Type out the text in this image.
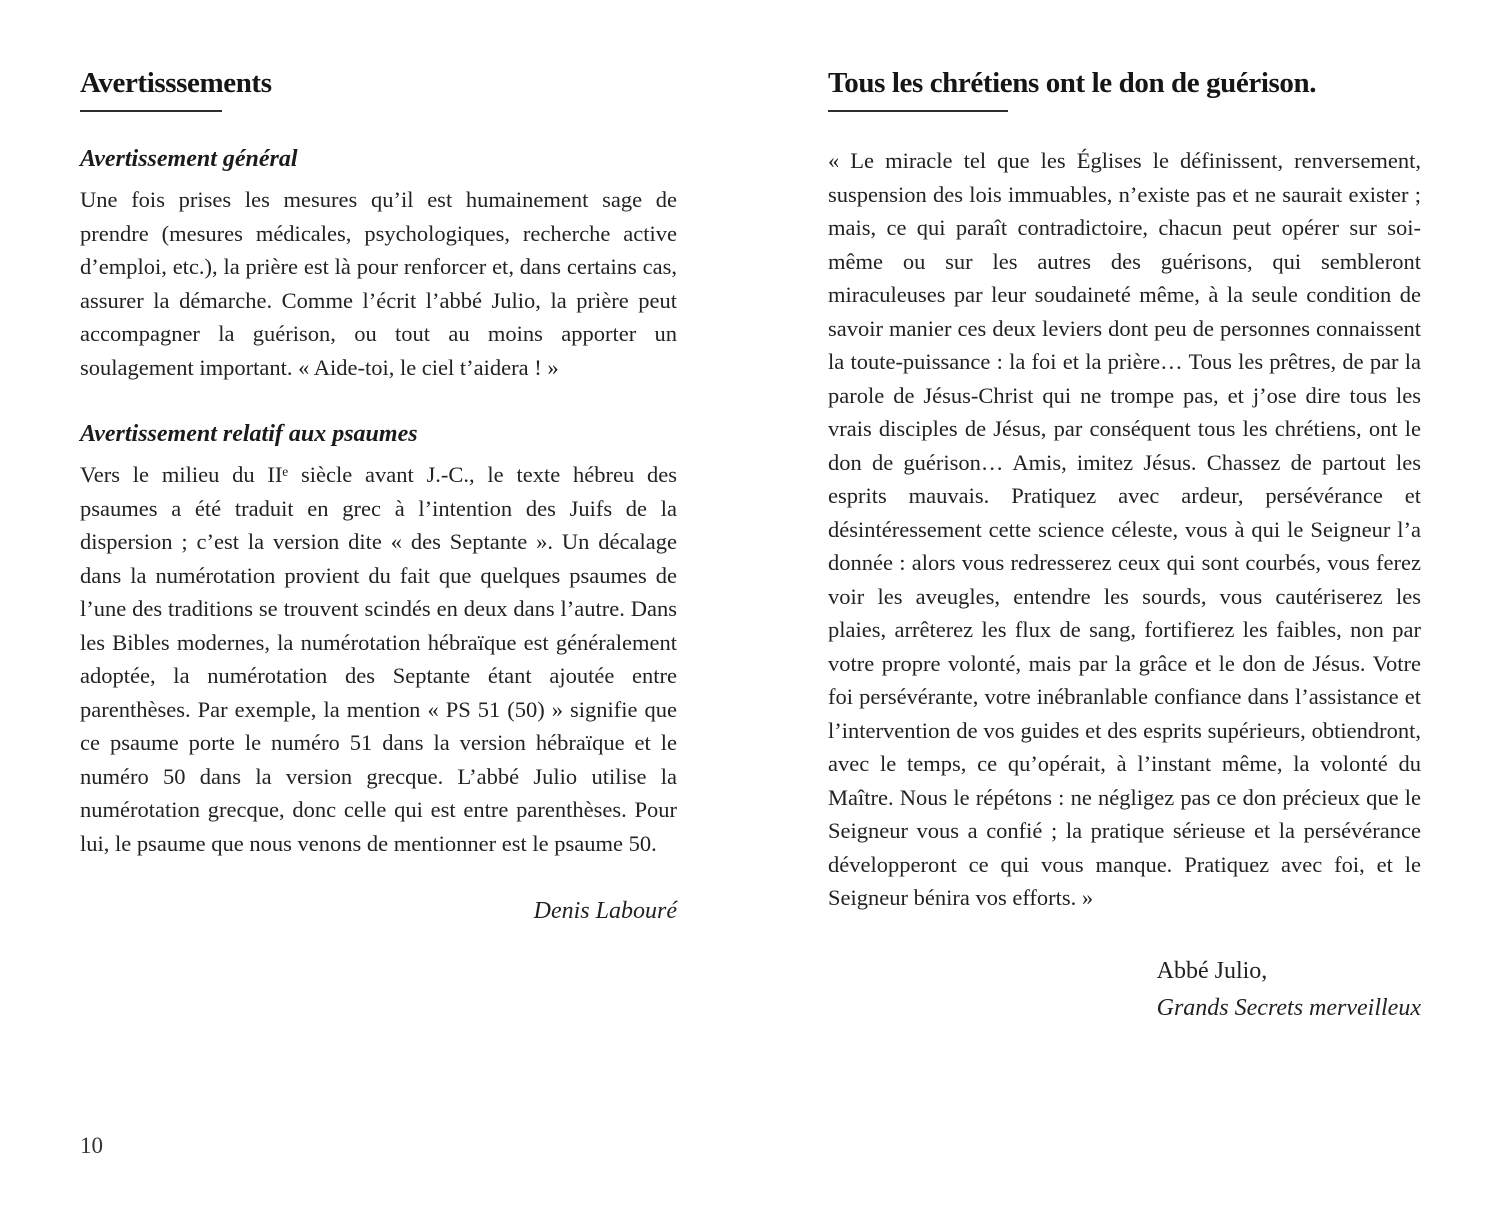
Avertisssements
Avertissement général

Une fois prises les mesures qu’il est humainement sage de prendre (mesures médicales, psychologiques, recherche active d’emploi, etc.), la prière est là pour renforcer et, dans certains cas, assurer la démarche. Comme l’écrit l’abbé Julio, la prière peut accompagner la guérison, ou tout au moins apporter un soulagement important. « Aide-toi, le ciel t’aidera ! »

Avertissement relatif aux psaumes

Vers le milieu du IIᵉ siècle avant J.-C., le texte hébreu des psaumes a été traduit en grec à l’intention des Juifs de la dispersion ; c’est la version dite « des Septante ». Un décalage dans la numérotation provient du fait que quelques psaumes de l’une des traditions se trouvent scindés en deux dans l’autre. Dans les Bibles modernes, la numérotation hébraïque est généralement adoptée, la numérotation des Septante étant ajoutée entre parenthèses. Par exemple, la mention « PS 51 (50) » signifie que ce psaume porte le numéro 51 dans la version hébraïque et le numéro 50 dans la version grecque. L’abbé Julio utilise la numérotation grecque, donc celle qui est entre parenthèses. Pour lui, le psaume que nous venons de mentionner est le psaume 50.

Denis Labouré
Tous les chrétiens ont le don de guérison.

« Le miracle tel que les Églises le définissent, renversement, suspension des lois immuables, n’existe pas et ne saurait exister ; mais, ce qui paraît contradictoire, chacun peut opérer sur soi-même ou sur les autres des guérisons, qui sembleront miraculeuses par leur soudaineté même, à la seule condition de savoir manier ces deux leviers dont peu de personnes connaissent la toute-puissance : la foi et la prière… Tous les prêtres, de par la parole de Jésus-Christ qui ne trompe pas, et j’ose dire tous les vrais disciples de Jésus, par conséquent tous les chrétiens, ont le don de guérison… Amis, imitez Jésus. Chassez de partout les esprits mauvais. Pratiquez avec ardeur, persévérance et désintéressement cette science céleste, vous à qui le Seigneur l’a donnée : alors vous redresserez ceux qui sont courbés, vous ferez voir les aveugles, entendre les sourds, vous cautériserez les plaies, arrêterez les flux de sang, fortifierez les faibles, non par votre propre volonté, mais par la grâce et le don de Jésus. Votre foi persévérante, votre inébranlable confiance dans l’assistance et l’intervention de vos guides et des esprits supérieurs, obtiendront, avec le temps, ce qu’opérait, à l’instant même, la volonté du Maître. Nous le répétons : ne négligez pas ce don précieux que le Seigneur vous a confié ; la pratique sérieuse et la persévérance développeront ce qui vous manque. Pratiquez avec foi, et le Seigneur bénira vos efforts. »

Abbé Julio,
Grands Secrets merveilleux
10
